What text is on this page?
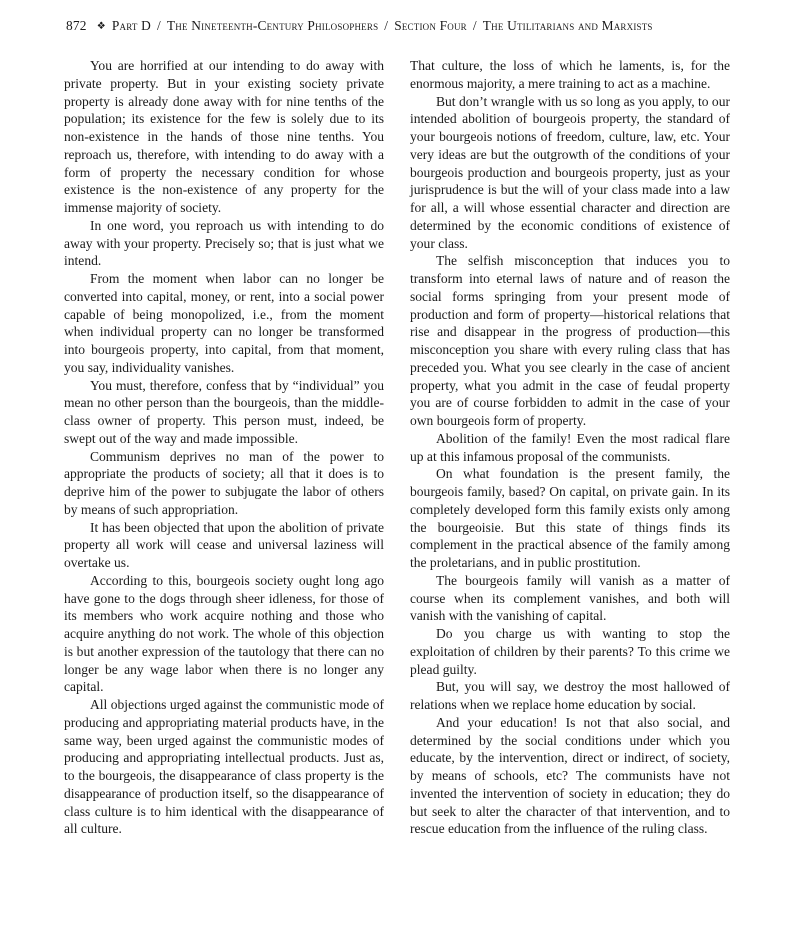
872 ❖ Part D / The Nineteenth-Century Philosophers / Section Four / The Utilitarians and Marxists

You are horrified at our intending to do away with private property. But in your existing society private property is already done away with for nine tenths of the population; its existence for the few is solely due to its non-existence in the hands of those nine tenths. You reproach us, therefore, with intending to do away with a form of property the necessary condition for whose existence is the non-existence of any property for the immense majority of society.

In one word, you reproach us with intending to do away with your property. Precisely so; that is just what we intend.

From the moment when labor can no longer be converted into capital, money, or rent, into a social power capable of being monopolized, i.e., from the moment when individual property can no longer be transformed into bourgeois property, into capital, from that moment, you say, individuality vanishes.

You must, therefore, confess that by “individual” you mean no other person than the bourgeois, than the middle-class owner of property. This person must, indeed, be swept out of the way and made impossible.

Communism deprives no man of the power to appropriate the products of society; all that it does is to deprive him of the power to subjugate the labor of others by means of such appropriation.

It has been objected that upon the abolition of private property all work will cease and universal laziness will overtake us.

According to this, bourgeois society ought long ago have gone to the dogs through sheer idleness, for those of its members who work acquire nothing and those who acquire anything do not work. The whole of this objection is but another expression of the tautology that there can no longer be any wage labor when there is no longer any capital.

All objections urged against the communistic mode of producing and appropriating material products have, in the same way, been urged against the communistic modes of producing and appropriating intellectual products. Just as, to the bourgeois, the disappearance of class property is the disappearance of production itself, so the disappearance of class culture is to him identical with the disappearance of all culture.

That culture, the loss of which he laments, is, for the enormous majority, a mere training to act as a machine.

But don’t wrangle with us so long as you apply, to our intended abolition of bourgeois property, the standard of your bourgeois notions of freedom, culture, law, etc. Your very ideas are but the outgrowth of the conditions of your bourgeois production and bourgeois property, just as your jurisprudence is but the will of your class made into a law for all, a will whose essential character and direction are determined by the economic conditions of existence of your class.

The selfish misconception that induces you to transform into eternal laws of nature and of reason the social forms springing from your present mode of production and form of property—historical relations that rise and disappear in the progress of production—this misconception you share with every ruling class that has preceded you. What you see clearly in the case of ancient property, what you admit in the case of feudal property you are of course forbidden to admit in the case of your own bourgeois form of property.

Abolition of the family! Even the most radical flare up at this infamous proposal of the communists.

On what foundation is the present family, the bourgeois family, based? On capital, on private gain. In its completely developed form this family exists only among the bourgeoisie. But this state of things finds its complement in the practical absence of the family among the proletarians, and in public prostitution.

The bourgeois family will vanish as a matter of course when its complement vanishes, and both will vanish with the vanishing of capital.

Do you charge us with wanting to stop the exploitation of children by their parents? To this crime we plead guilty.

But, you will say, we destroy the most hallowed of relations when we replace home education by social.

And your education! Is not that also social, and determined by the social conditions under which you educate, by the intervention, direct or indirect, of society, by means of schools, etc? The communists have not invented the intervention of society in education; they do but seek to alter the character of that intervention, and to rescue education from the influence of the ruling class.
